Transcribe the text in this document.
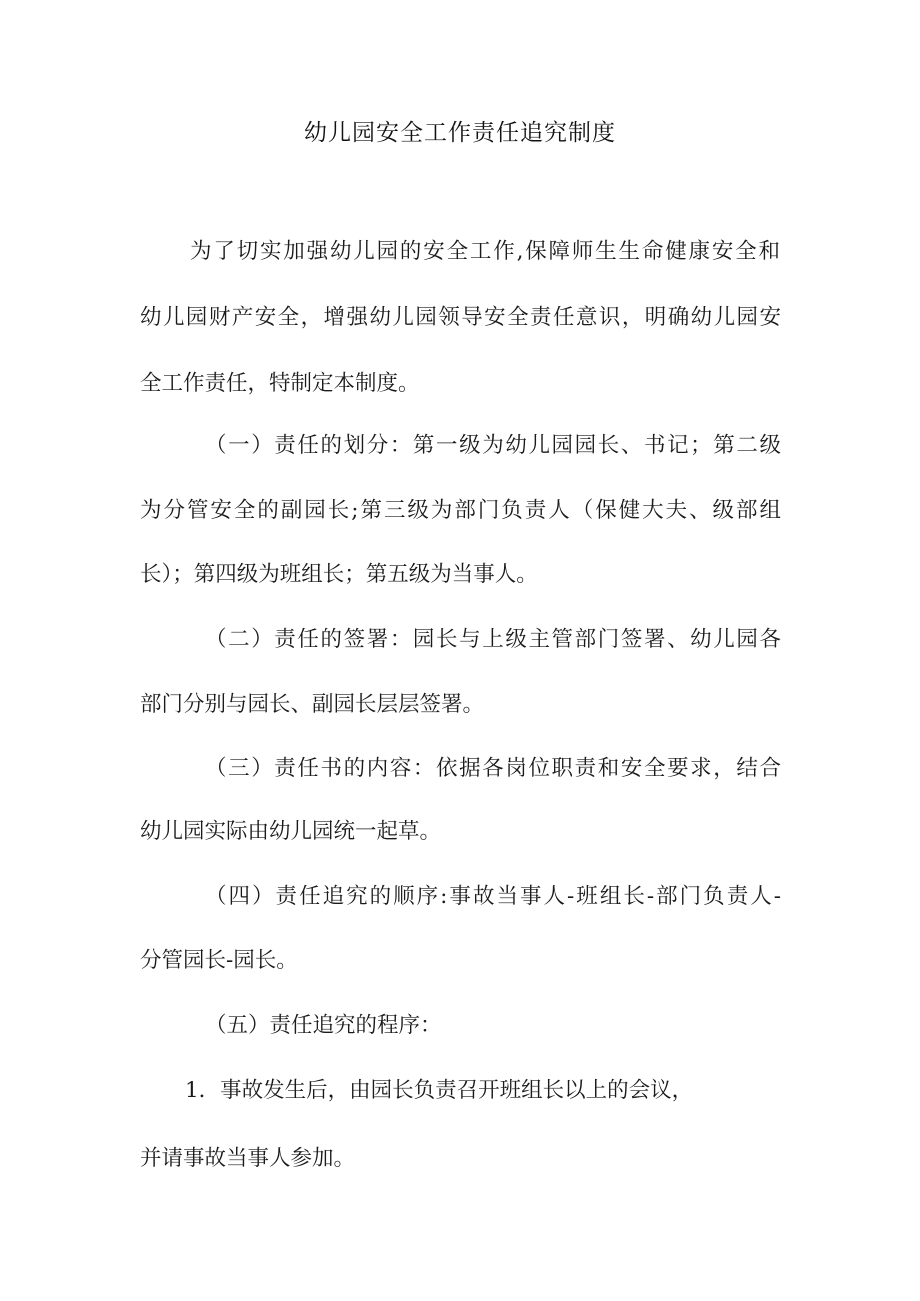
幼儿园安全工作责任追究制度
为了切实加强幼儿园的安全工作,保障师生生命健康安全和
幼儿园财产安全，增强幼儿园领导安全责任意识，明确幼儿园安
全工作责任，特制定本制度。
（一）责任的划分：第一级为幼儿园园长、书记；第二级
为分管安全的副园长;第三级为部门负责人（保健大夫、级部组
长）；第四级为班组长；第五级为当事人。
（二）责任的签署：园长与上级主管部门签署、幼儿园各
部门分别与园长、副园长层层签署。
（三）责任书的内容：依据各岗位职责和安全要求，结合
幼儿园实际由幼儿园统一起草。
（四）责任追究的顺序:事故当事人-班组长-部门负责人-
分管园长-园长。
（五）责任追究的程序：
1．事故发生后，由园长负责召开班组长以上的会议，
并请事故当事人参加。
